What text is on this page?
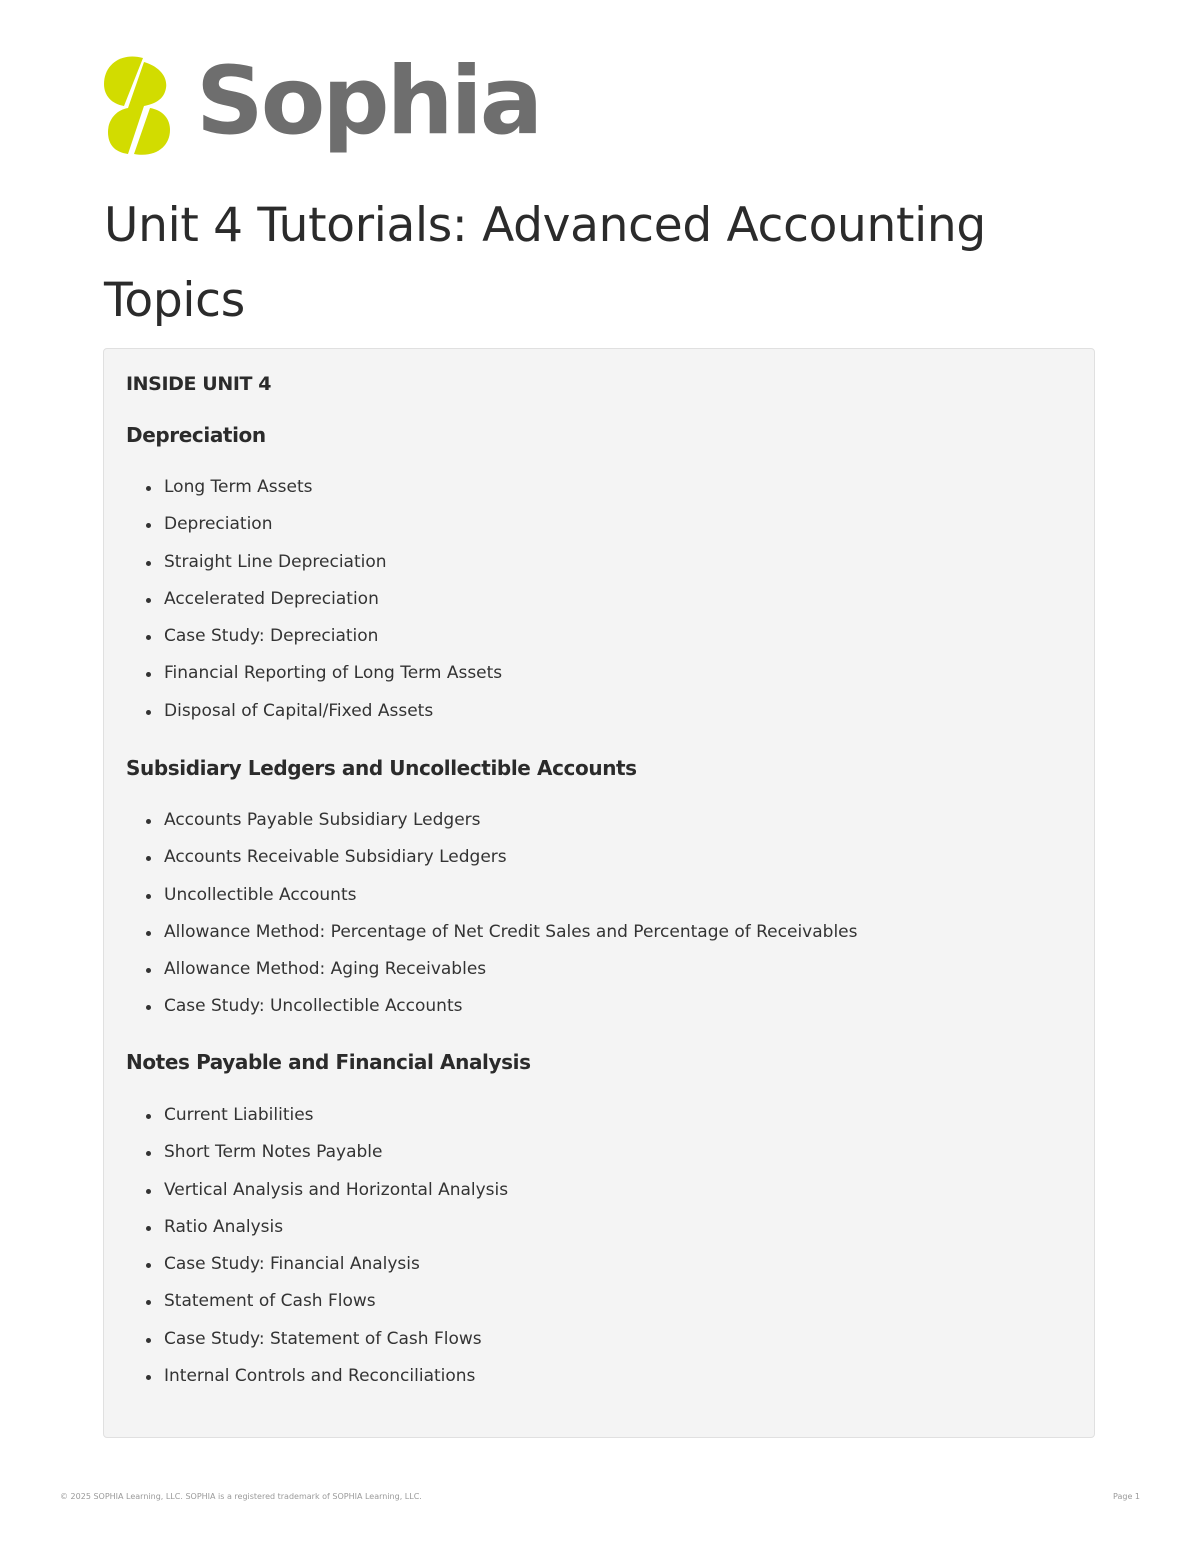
Sophia
Unit 4 Tutorials: Advanced Accounting Topics
INSIDE UNIT 4
Depreciation
Long Term Assets
Depreciation
Straight Line Depreciation
Accelerated Depreciation
Case Study: Depreciation
Financial Reporting of Long Term Assets
Disposal of Capital/Fixed Assets
Subsidiary Ledgers and Uncollectible Accounts
Accounts Payable Subsidiary Ledgers
Accounts Receivable Subsidiary Ledgers
Uncollectible Accounts
Allowance Method: Percentage of Net Credit Sales and Percentage of Receivables
Allowance Method: Aging Receivables
Case Study: Uncollectible Accounts
Notes Payable and Financial Analysis
Current Liabilities
Short Term Notes Payable
Vertical Analysis and Horizontal Analysis
Ratio Analysis
Case Study: Financial Analysis
Statement of Cash Flows
Case Study: Statement of Cash Flows
Internal Controls and Reconciliations
© 2025 SOPHIA Learning, LLC. SOPHIA is a registered trademark of SOPHIA Learning, LLC.	Page 1
